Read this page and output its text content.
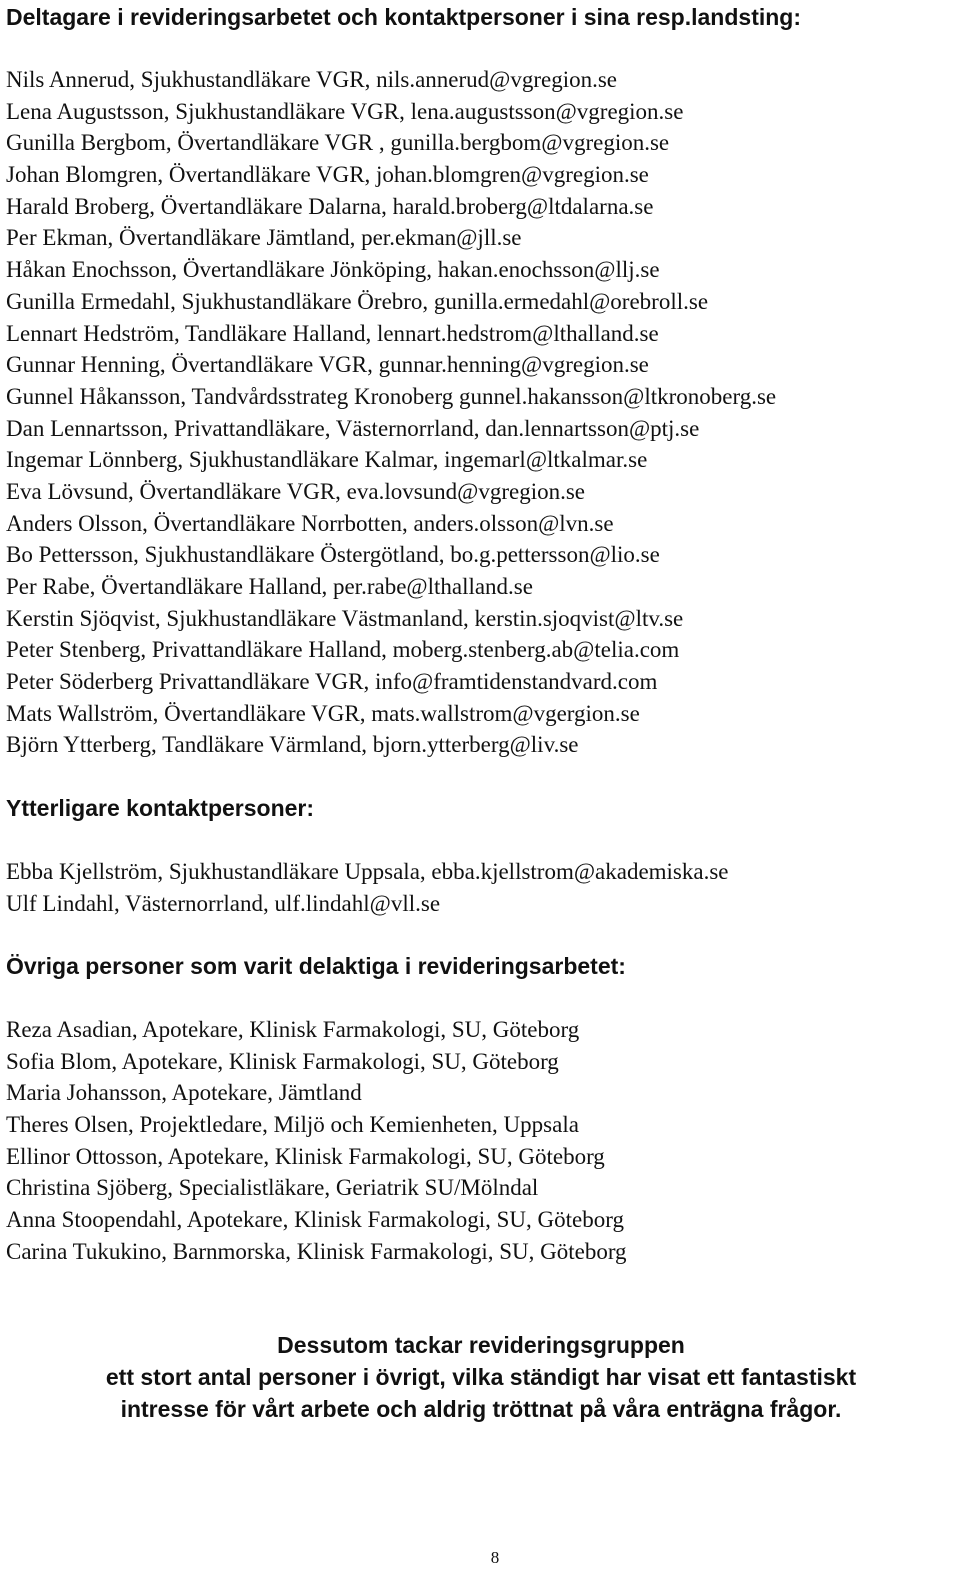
Deltagare i revideringsarbetet och kontaktpersoner i sina resp.landsting:
Nils Annerud, Sjukhustandläkare VGR, nils.annerud@vgregion.se
Lena Augustsson, Sjukhustandläkare VGR, lena.augustsson@vgregion.se
Gunilla Bergbom, Övertandläkare VGR , gunilla.bergbom@vgregion.se
Johan Blomgren, Övertandläkare VGR, johan.blomgren@vgregion.se
Harald Broberg, Övertandläkare Dalarna, harald.broberg@ltdalarna.se
Per Ekman, Övertandläkare Jämtland, per.ekman@jll.se
Håkan Enochsson, Övertandläkare Jönköping, hakan.enochsson@llj.se
Gunilla Ermedahl, Sjukhustandläkare Örebro, gunilla.ermedahl@orebroll.se
Lennart Hedström, Tandläkare Halland, lennart.hedstrom@lthalland.se
Gunnar Henning, Övertandläkare VGR, gunnar.henning@vgregion.se
Gunnel Håkansson, Tandvårdsstrateg Kronoberg gunnel.hakansson@ltkronoberg.se
Dan Lennartsson, Privattandläkare, Västernorrland, dan.lennartsson@ptj.se
Ingemar Lönnberg, Sjukhustandläkare Kalmar, ingemarl@ltkalmar.se
Eva Lövsund, Övertandläkare VGR, eva.lovsund@vgregion.se
Anders Olsson, Övertandläkare Norrbotten, anders.olsson@lvn.se
Bo Pettersson, Sjukhustandläkare Östergötland, bo.g.pettersson@lio.se
Per Rabe, Övertandläkare Halland, per.rabe@lthalland.se
Kerstin Sjöqvist, Sjukhustandläkare Västmanland, kerstin.sjoqvist@ltv.se
Peter Stenberg, Privattandläkare Halland, moberg.stenberg.ab@telia.com
Peter Söderberg Privattandläkare VGR, info@framtidenstandvard.com
Mats Wallström, Övertandläkare VGR, mats.wallstrom@vgergion.se
Björn Ytterberg, Tandläkare Värmland, bjorn.ytterberg@liv.se
Ytterligare kontaktpersoner:
Ebba Kjellström, Sjukhustandläkare Uppsala, ebba.kjellstrom@akademiska.se
Ulf Lindahl, Västernorrland, ulf.lindahl@vll.se
Övriga personer som varit delaktiga i revideringsarbetet:
Reza Asadian, Apotekare, Klinisk Farmakologi, SU, Göteborg
Sofia Blom, Apotekare, Klinisk Farmakologi, SU, Göteborg
Maria Johansson, Apotekare, Jämtland
Theres Olsen, Projektledare, Miljö och Kemienheten, Uppsala
Ellinor Ottosson, Apotekare, Klinisk Farmakologi, SU, Göteborg
Christina Sjöberg, Specialistläkare, Geriatrik SU/Mölndal
Anna Stoopendahl, Apotekare, Klinisk Farmakologi, SU, Göteborg
Carina Tukukino, Barnmorska, Klinisk Farmakologi, SU, Göteborg
Dessutom tackar revideringsgruppen
ett stort antal personer i övrigt, vilka ständigt har visat ett fantastiskt
intresse för vårt arbete och aldrig tröttnat på våra enträgna frågor.
8
